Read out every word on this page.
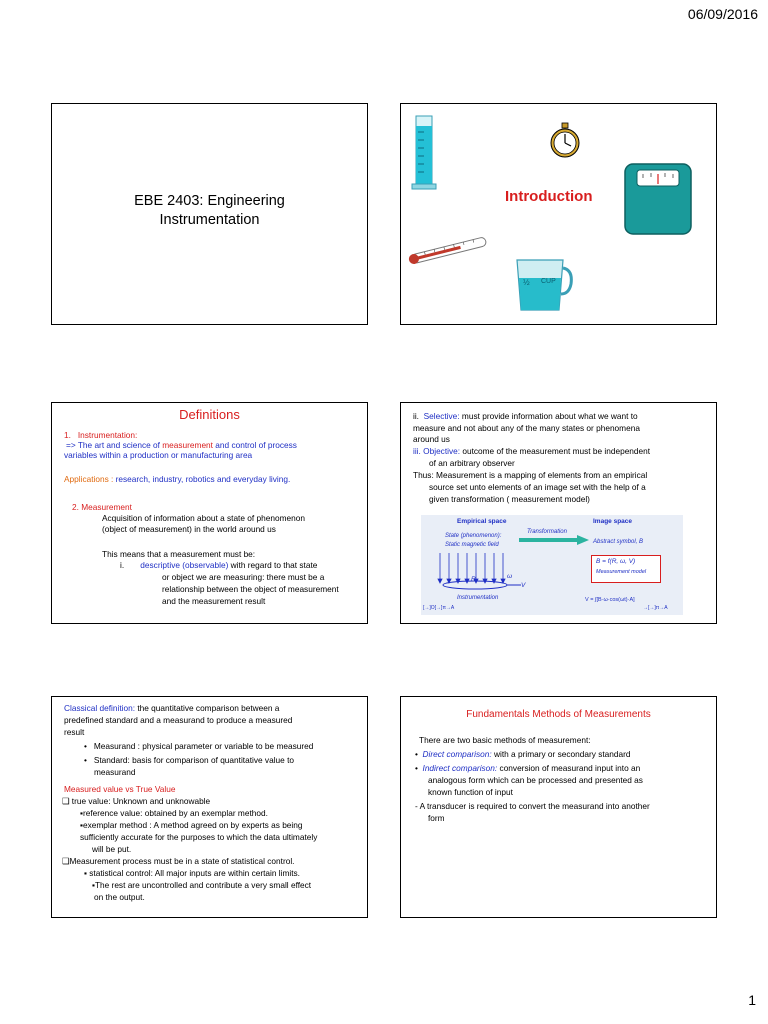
06/09/2016
EBE 2403: Engineering
Instrumentation
Introduction
½ CUP
Definitions
1. Instrumentation:
=> The art and science of measurement and control of process
variables within a production or manufacturing area
Applications : research, industry, robotics and everyday living.
2. Measurement
Acquisition of information about a state of phenomenon
(object of measurement) in the world around us
This means that a measurement must be:
i. descriptive (observable) with regard to that state
or object we are measuring: there must be a
relationship between the object of measurement
and the measurement result
ii. Selective: must provide information about what we want to
measure and not about any of the many states or phenomena
around us
iii. Objective: outcome of the measurement must be independent
of an arbitrary observer
Thus: Measurement is a mapping of elements from an empirical
source set unto elements of an image set with the help of a
given transformation ( measurement model)
Empirical space	Image space
Transformation
State (phenomenon):
Static magnetic field	Abstract symbol, B
B = f(R, ω, V)
Measurement model
R	ω
V
Instrumentation
[→]Ο[→]π→Α
V = ∫[B·ω·cos(ωt)·A]
→[→]π→Α
Classical definition: the quantitative comparison between a
predefined standard and a measurand to produce a measured
result
•   Measurand : physical parameter or variable to be measured
•   Standard: basis for comparison of quantitative value to
measurand
Measured value vs True Value
❑ true value: Unknown and unknowable
▪reference value: obtained by an exemplar method.
▪exemplar method : A method agreed on by experts as being
sufficiently accurate for the purposes to which the data ultimately
will be put.
❑Measurement process must be in a state of statistical control.
▪ statistical control: All major inputs are within certain limits.
▪The rest are uncontrolled and contribute a very small effect
on the output.
Fundamentals Methods of Measurements
There are two basic methods of measurement:
•  Direct comparison: with a primary or secondary standard
•  Indirect comparison: conversion of measurand input into an
analogous form which can be processed and presented as
known function of input
- A transducer is required to convert the measurand into another
form
1
